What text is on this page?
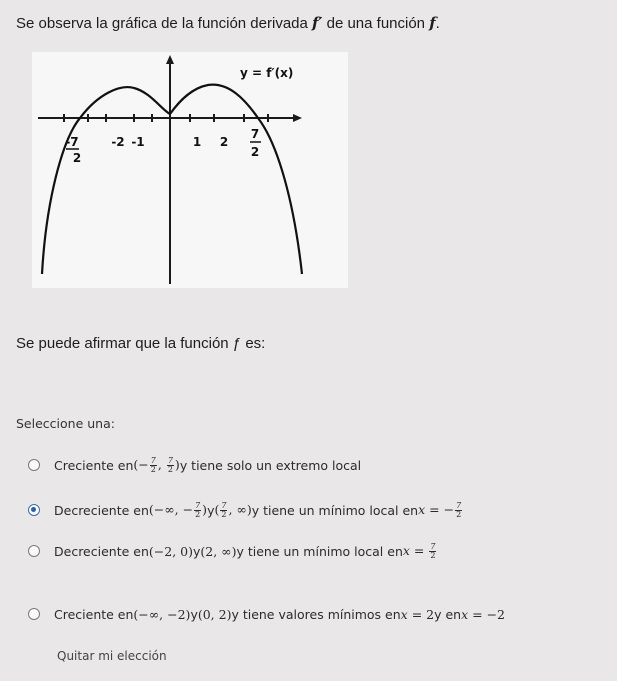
Se observa la gráfica de la función derivada f′ de una función f.
y = f′(x)
-7
2
-2 -1	1 2
7
2
Se puede afirmar que la función ƒ es:
Seleccione una:
Creciente en (− $\frac{7}{2}$ , $\frac{7}{2}$ ) y tiene solo un extremo local
Decreciente en (−∞, − $\frac{7}{2}$ ) y ( $\frac{7}{2}$ , ∞) y tiene un mínimo local en x = − $\frac{7}{2}$
Decreciente en (−2, 0) y (2, ∞) y tiene un mínimo local en $x = \frac{7}{2}$
Creciente en (−∞, −2) y (0, 2) y tiene valores mínimos en x = 2 y en x = −2
Quitar mi elección
